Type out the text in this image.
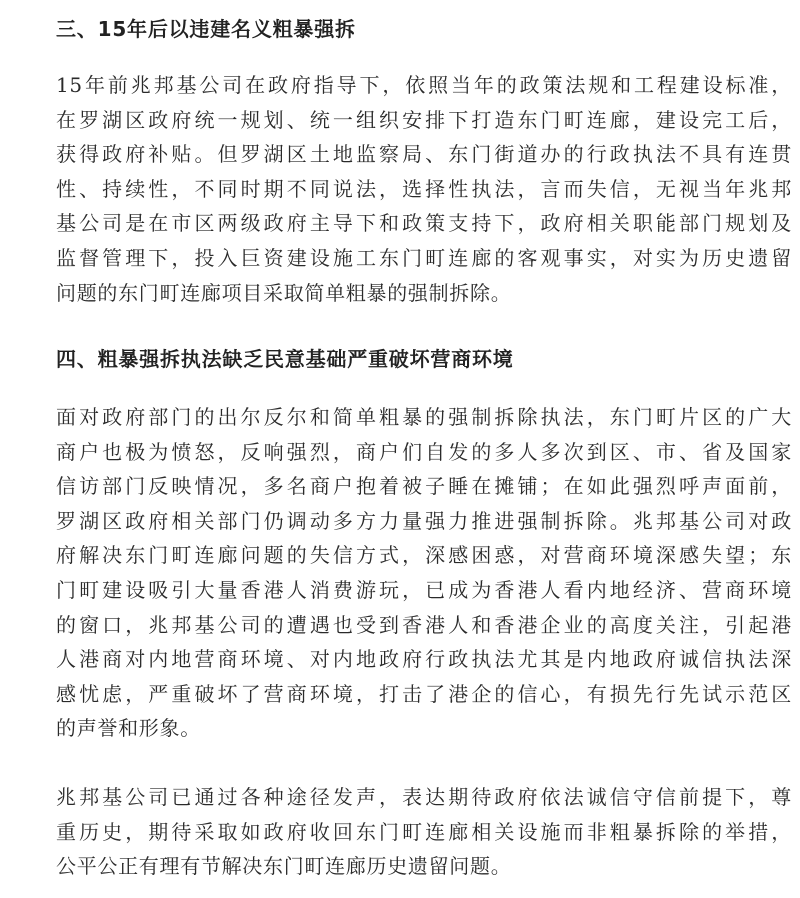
三、15年后以违建名义粗暴强拆
15年前兆邦基公司在政府指导下，依照当年的政策法规和工程建设标准，
在罗湖区政府统一规划、统一组织安排下打造东门町连廊，建设完工后，
获得政府补贴。但罗湖区土地监察局、东门街道办的行政执法不具有连贯
性、持续性，不同时期不同说法，选择性执法，言而失信，无视当年兆邦
基公司是在市区两级政府主导下和政策支持下，政府相关职能部门规划及
监督管理下，投入巨资建设施工东门町连廊的客观事实，对实为历史遗留
问题的东门町连廊项目采取简单粗暴的强制拆除。
四、粗暴强拆执法缺乏民意基础严重破坏营商环境
面对政府部门的出尔反尔和简单粗暴的强制拆除执法，东门町片区的广大
商户也极为愤怒，反响强烈，商户们自发的多人多次到区、市、省及国家
信访部门反映情况，多名商户抱着被子睡在摊铺；在如此强烈呼声面前，
罗湖区政府相关部门仍调动多方力量强力推进强制拆除。兆邦基公司对政
府解决东门町连廊问题的失信方式，深感困惑，对营商环境深感失望；东
门町建设吸引大量香港人消费游玩，已成为香港人看内地经济、营商环境
的窗口，兆邦基公司的遭遇也受到香港人和香港企业的高度关注，引起港
人港商对内地营商环境、对内地政府行政执法尤其是内地政府诚信执法深
感忧虑，严重破坏了营商环境，打击了港企的信心，有损先行先试示范区
的声誉和形象。
兆邦基公司已通过各种途径发声，表达期待政府依法诚信守信前提下，尊
重历史，期待采取如政府收回东门町连廊相关设施而非粗暴拆除的举措，
公平公正有理有节解决东门町连廊历史遗留问题。
